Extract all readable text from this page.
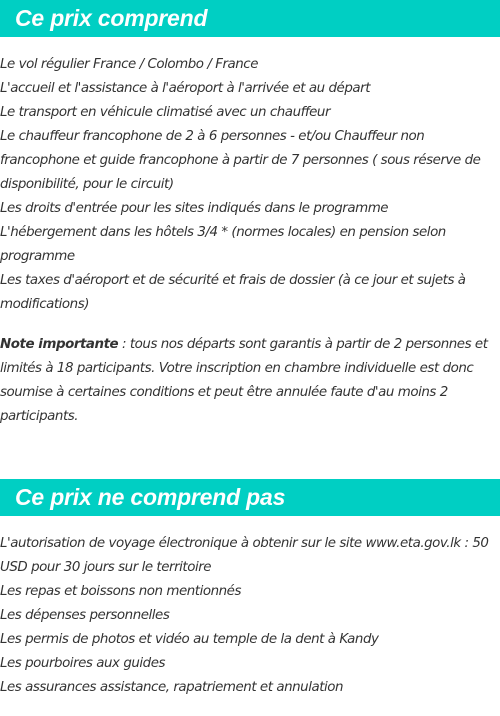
Ce prix comprend
Le vol régulier France / Colombo / France
L'accueil et l'assistance à l'aéroport à l'arrivée et au départ
Le transport en véhicule climatisé avec un chauffeur
Le chauffeur francophone de 2 à 6 personnes - et/ou Chauffeur non francophone et guide francophone à partir de 7 personnes ( sous réserve de disponibilité, pour le circuit)
Les droits d'entrée pour les sites indiqués dans le programme
L'hébergement dans les hôtels 3/4 * (normes locales) en pension selon programme
Les taxes d'aéroport et de sécurité et frais de dossier (à ce jour et sujets à modifications)

Note importante : tous nos départs sont garantis à partir de 2 personnes et limités à 18 participants. Votre inscription en chambre individuelle est donc soumise à certaines conditions et peut être annulée faute d'au moins 2 participants.

Ce prix ne comprend pas
L'autorisation de voyage électronique à obtenir sur le site www.eta.gov.lk : 50 USD pour 30 jours sur le territoire
Les repas et boissons non mentionnés
Les dépenses personnelles
Les permis de photos et vidéo au temple de la dent à Kandy
Les pourboires aux guides
Les assurances assistance, rapatriement et annulation
